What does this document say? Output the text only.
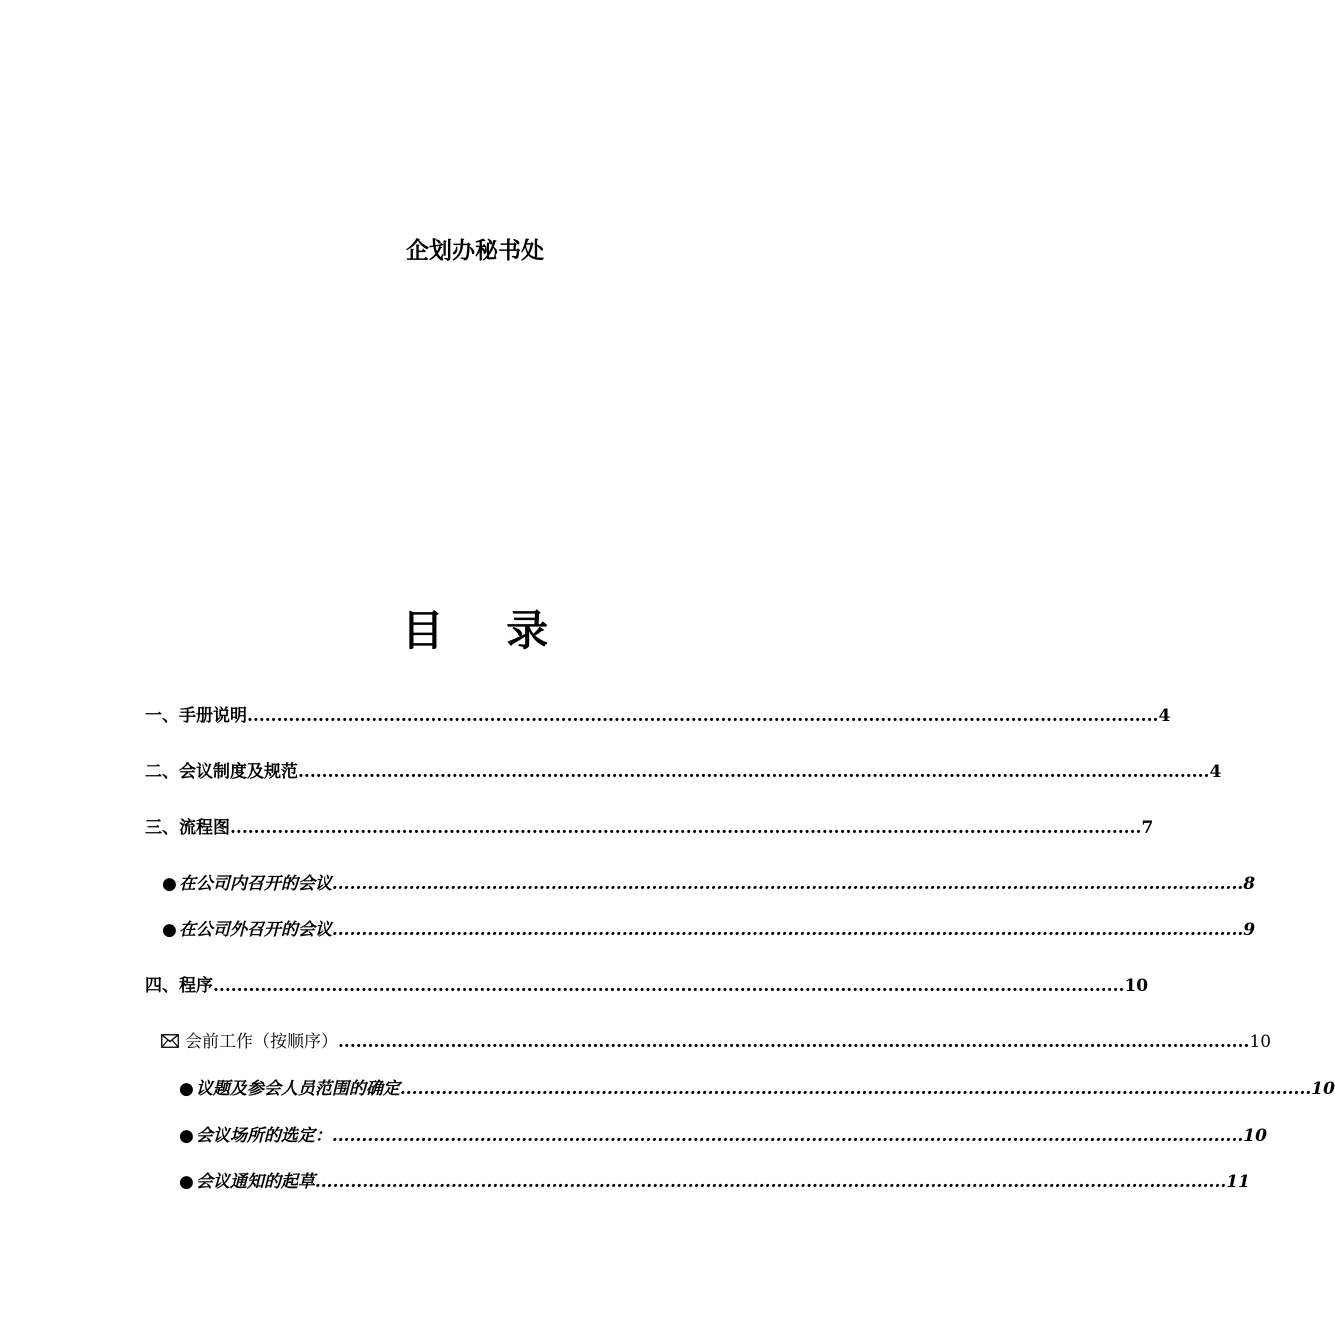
企划办秘书处
目 录
一、手册说明 .......................................................................................................................................................... 4
二、会议制度及规范 .......................................................................................................................................................... 4
三、流程图 .......................................................................................................................................................... 7
● 在公司内召开的会议 .......................................................................................................................................................... 8
● 在公司外召开的会议 .......................................................................................................................................................... 9
四、程序 .......................................................................................................................................................... 10
会前工作（按顺序） .......................................................................................................................................................... 10
● 议题及参会人员范围的确定 .......................................................................................................................................................... 10
● 会议场所的选定： .......................................................................................................................................................... 10
● 会议通知的起草 .......................................................................................................................................................... 11
